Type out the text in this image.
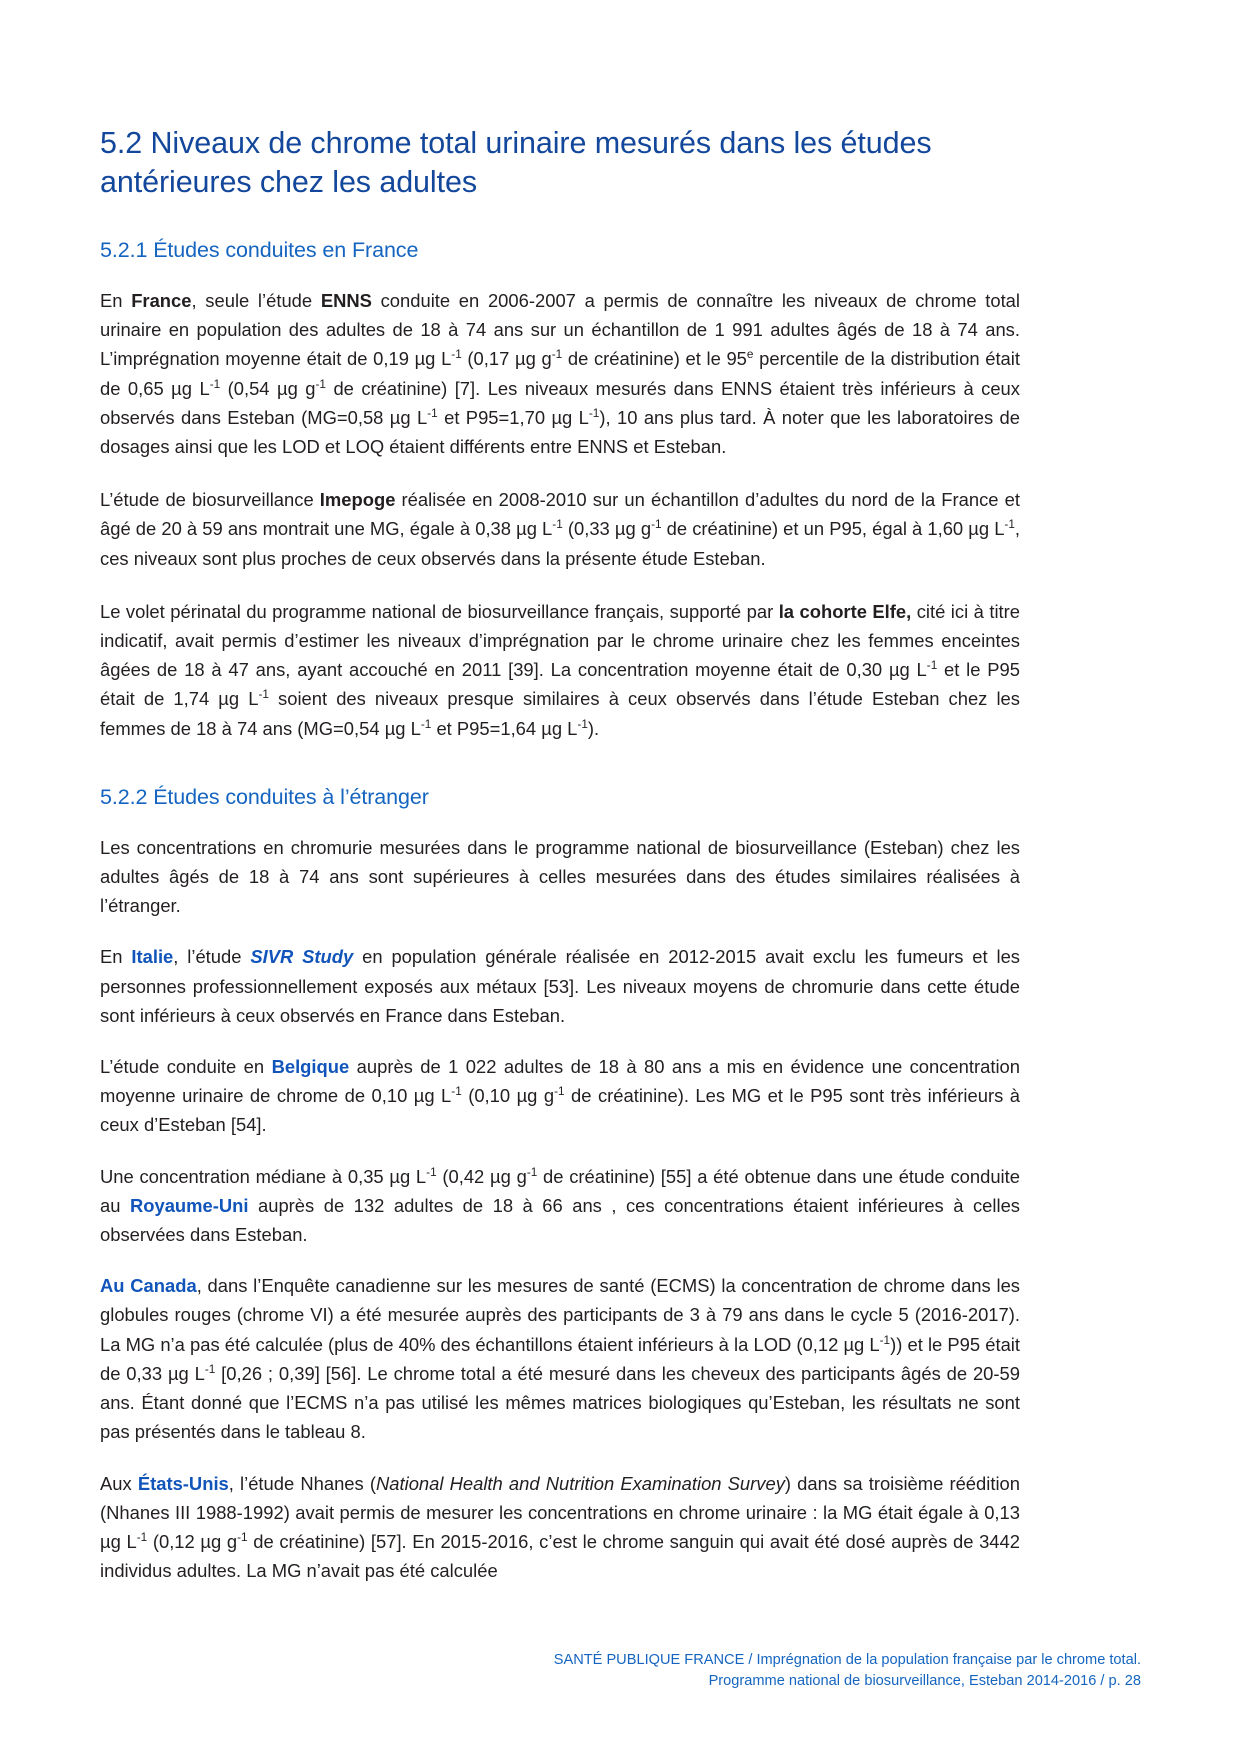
5.2 Niveaux de chrome total urinaire mesurés dans les études antérieures chez les adultes
5.2.1 Études conduites en France

En France, seule l’étude ENNS conduite en 2006-2007 a permis de connaître les niveaux de chrome total urinaire en population des adultes de 18 à 74 ans sur un échantillon de 1 991 adultes âgés de 18 à 74 ans. L’imprégnation moyenne était de 0,19 µg $L^{-1}$ (0,17 µg $g^{-1}$ de créatinine) et le 95e percentile de la distribution était de 0,65 µg $L^{-1}$ (0,54 µg $g^{-1}$ de créatinine) [7]. Les niveaux mesurés dans ENNS étaient très inférieurs à ceux observés dans Esteban (MG=0,58 µg $L^{-1}$ et P95=1,70 µg $L^{-1}$), 10 ans plus tard. À noter que les laboratoires de dosages ainsi que les LOD et LOQ étaient différents entre ENNS et Esteban.

L’étude de biosurveillance Imepoge réalisée en 2008-2010 sur un échantillon d’adultes du nord de la France et âgé de 20 à 59 ans montrait une MG, égale à 0,38 µg $L^{-1}$ (0,33 µg $g^{-1}$ de créatinine) et un P95, égal à 1,60 µg $L^{-1}$, ces niveaux sont plus proches de ceux observés dans la présente étude Esteban.

Le volet périnatal du programme national de biosurveillance français, supporté par la cohorte Elfe, cité ici à titre indicatif, avait permis d’estimer les niveaux d’imprégnation par le chrome urinaire chez les femmes enceintes âgées de 18 à 47 ans, ayant accouché en 2011 [39]. La concentration moyenne était de 0,30 µg $L^{-1}$ et le P95 était de 1,74 µg $L^{-1}$ soient des niveaux presque similaires à ceux observés dans l’étude Esteban chez les femmes de 18 à 74 ans (MG=0,54 µg $L^{-1}$ et P95=1,64 µg $L^{-1}$).

5.2.2 Études conduites à l’étranger

Les concentrations en chromurie mesurées dans le programme national de biosurveillance (Esteban) chez les adultes âgés de 18 à 74 ans sont supérieures à celles mesurées dans des études similaires réalisées à l’étranger.

En Italie, l’étude SIVR Study en population générale réalisée en 2012-2015 avait exclu les fumeurs et les personnes professionnellement exposés aux métaux [53]. Les niveaux moyens de chromurie dans cette étude sont inférieurs à ceux observés en France dans Esteban.

L’étude conduite en Belgique auprès de 1 022 adultes de 18 à 80 ans a mis en évidence une concentration moyenne urinaire de chrome de 0,10 µg $L^{-1}$ (0,10 µg $g^{-1}$ de créatinine). Les MG et le P95 sont très inférieurs à ceux d’Esteban [54].

Une concentration médiane à 0,35 µg $L^{-1}$ (0,42 µg $g^{-1}$ de créatinine) [55] a été obtenue dans une étude conduite au Royaume-Uni auprès de 132 adultes de 18 à 66 ans , ces concentrations étaient inférieures à celles observées dans Esteban.

Au Canada, dans l’Enquête canadienne sur les mesures de santé (ECMS) la concentration de chrome dans les globules rouges (chrome VI) a été mesurée auprès des participants de 3 à 79 ans dans le cycle 5 (2016-2017). La MG n’a pas été calculée (plus de 40% des échantillons étaient inférieurs à la LOD (0,12 µg $L^{-1}$)) et le P95 était de 0,33 µg $L^{-1}$ [0,26 ; 0,39] [56]. Le chrome total a été mesuré dans les cheveux des participants âgés de 20-59 ans. Étant donné que l’ECMS n’a pas utilisé les mêmes matrices biologiques qu’Esteban, les résultats ne sont pas présentés dans le tableau 8.

Aux États-Unis, l’étude Nhanes (National Health and Nutrition Examination Survey) dans sa troisième réédition (Nhanes III 1988-1992) avait permis de mesurer les concentrations en chrome urinaire : la MG était égale à 0,13 µg $L^{-1}$ (0,12 µg $g^{-1}$ de créatinine) [57]. En 2015-2016, c’est le chrome sanguin qui avait été dosé auprès de 3442 individus adultes. La MG n’avait pas été calculée

SANTÉ PUBLIQUE FRANCE / Imprégnation de la population française par le chrome total.
Programme national de biosurveillance, Esteban 2014-2016 / p. 28
